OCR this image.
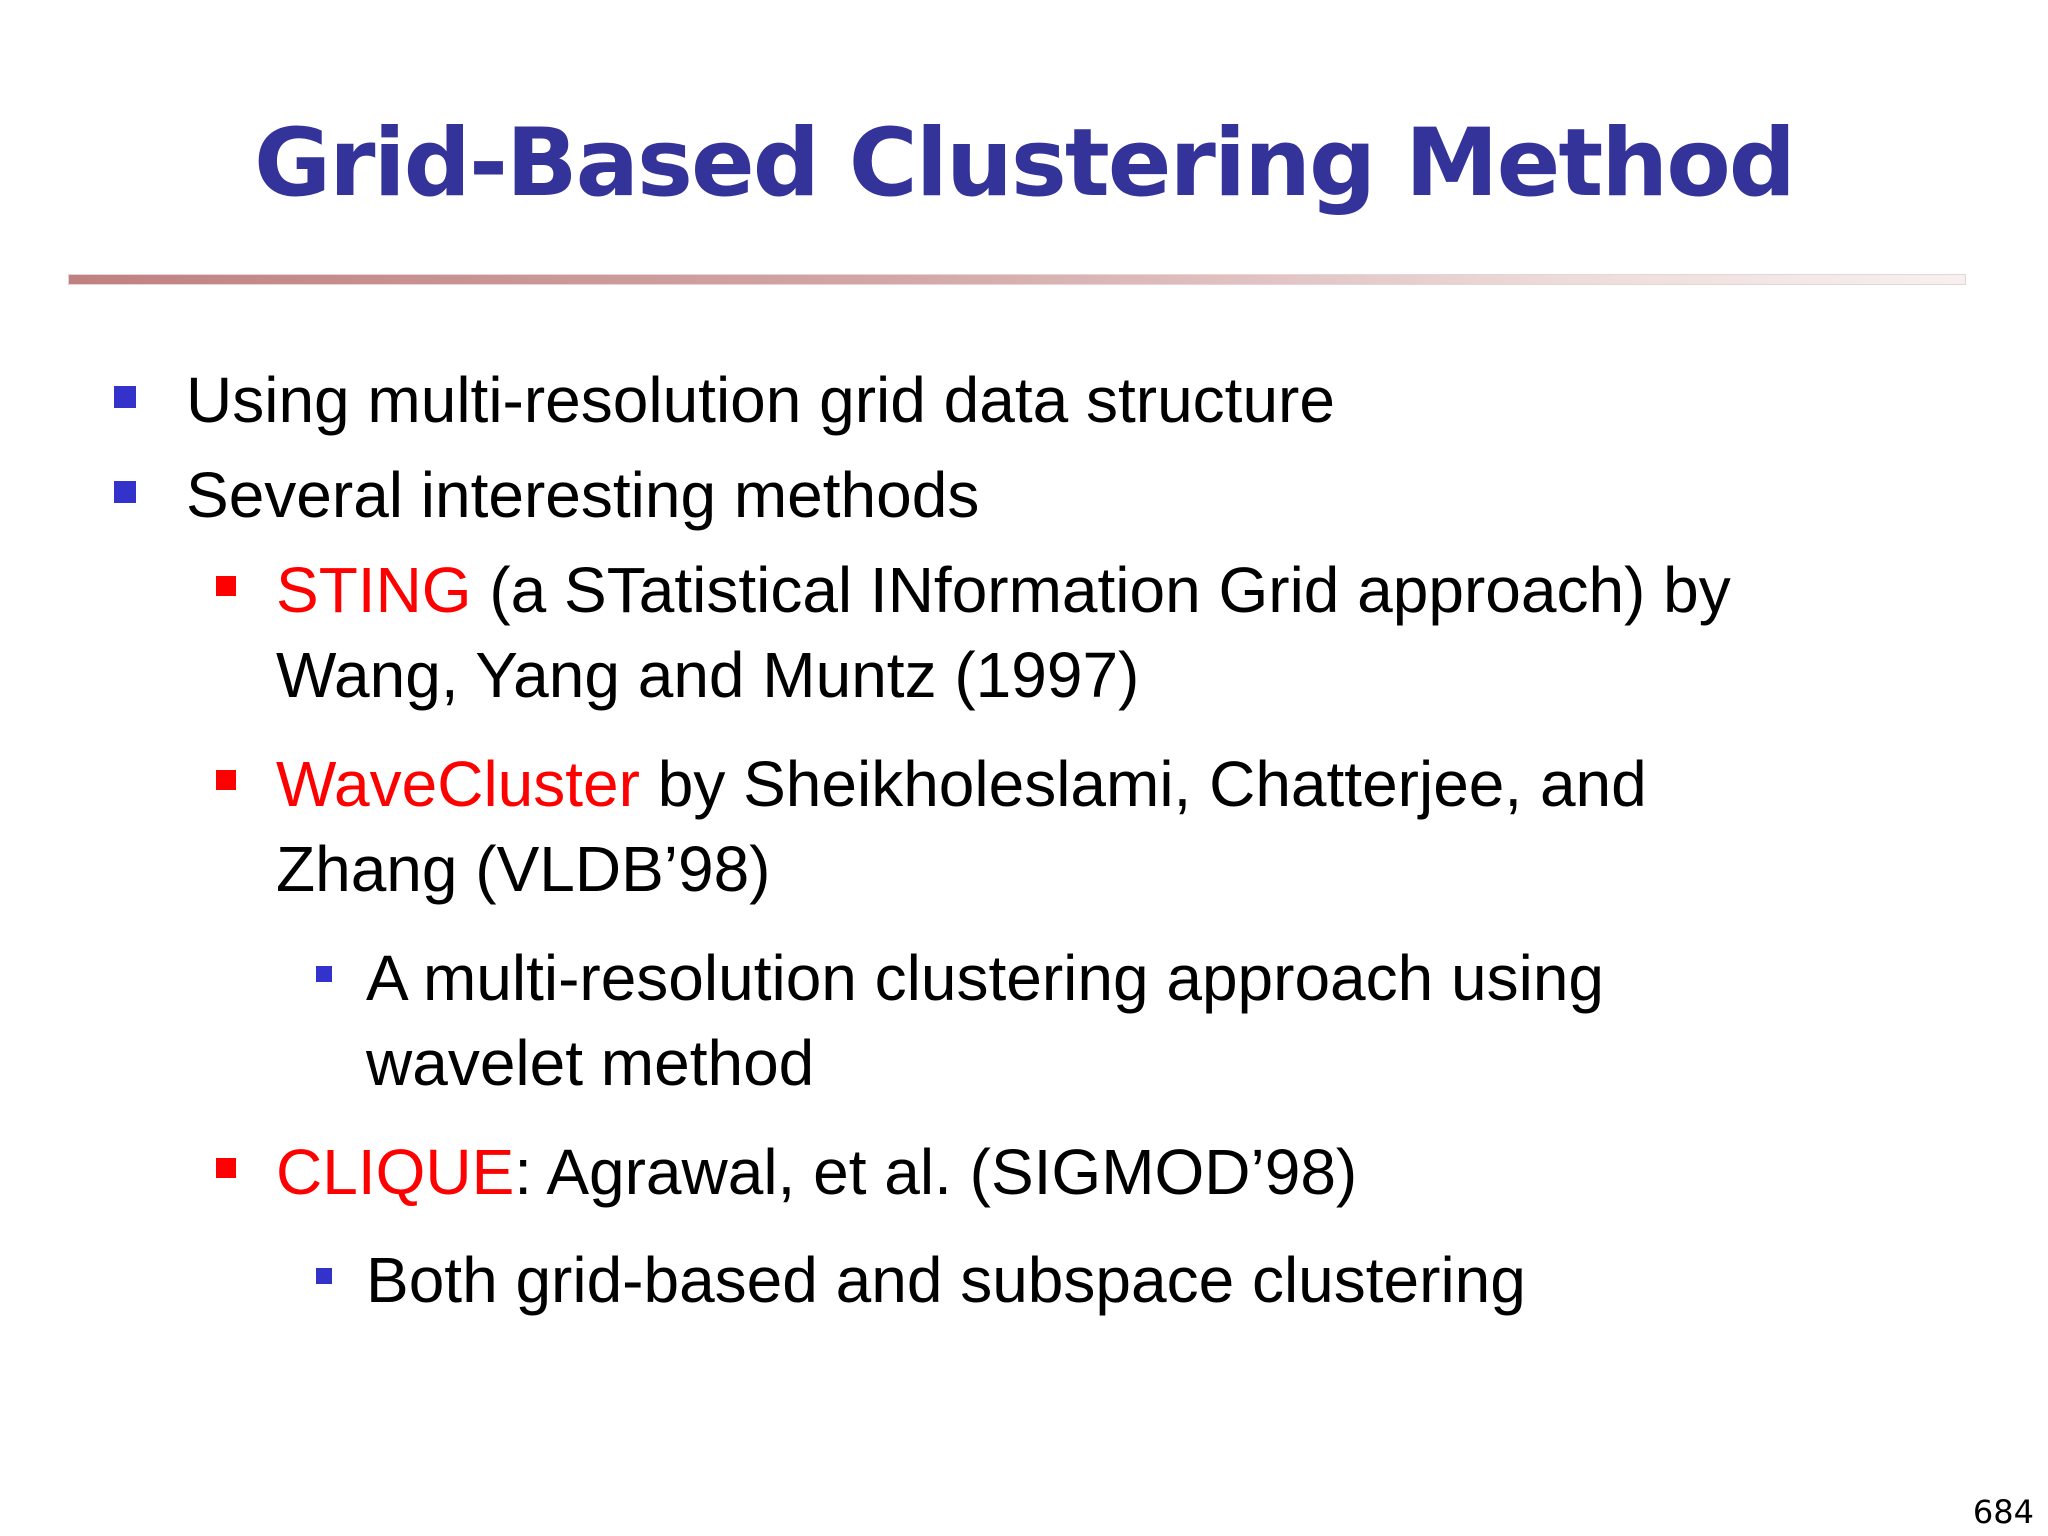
Grid-Based Clustering Method
Using multi-resolution grid data structure
Several interesting methods
STING (a STatistical INformation Grid approach) by
Wang, Yang and Muntz (1997)
WaveCluster by Sheikholeslami, Chatterjee, and
Zhang (VLDB’98)
A multi-resolution clustering approach using
wavelet method
CLIQUE: Agrawal, et al. (SIGMOD’98)
Both grid-based and subspace clustering
684
